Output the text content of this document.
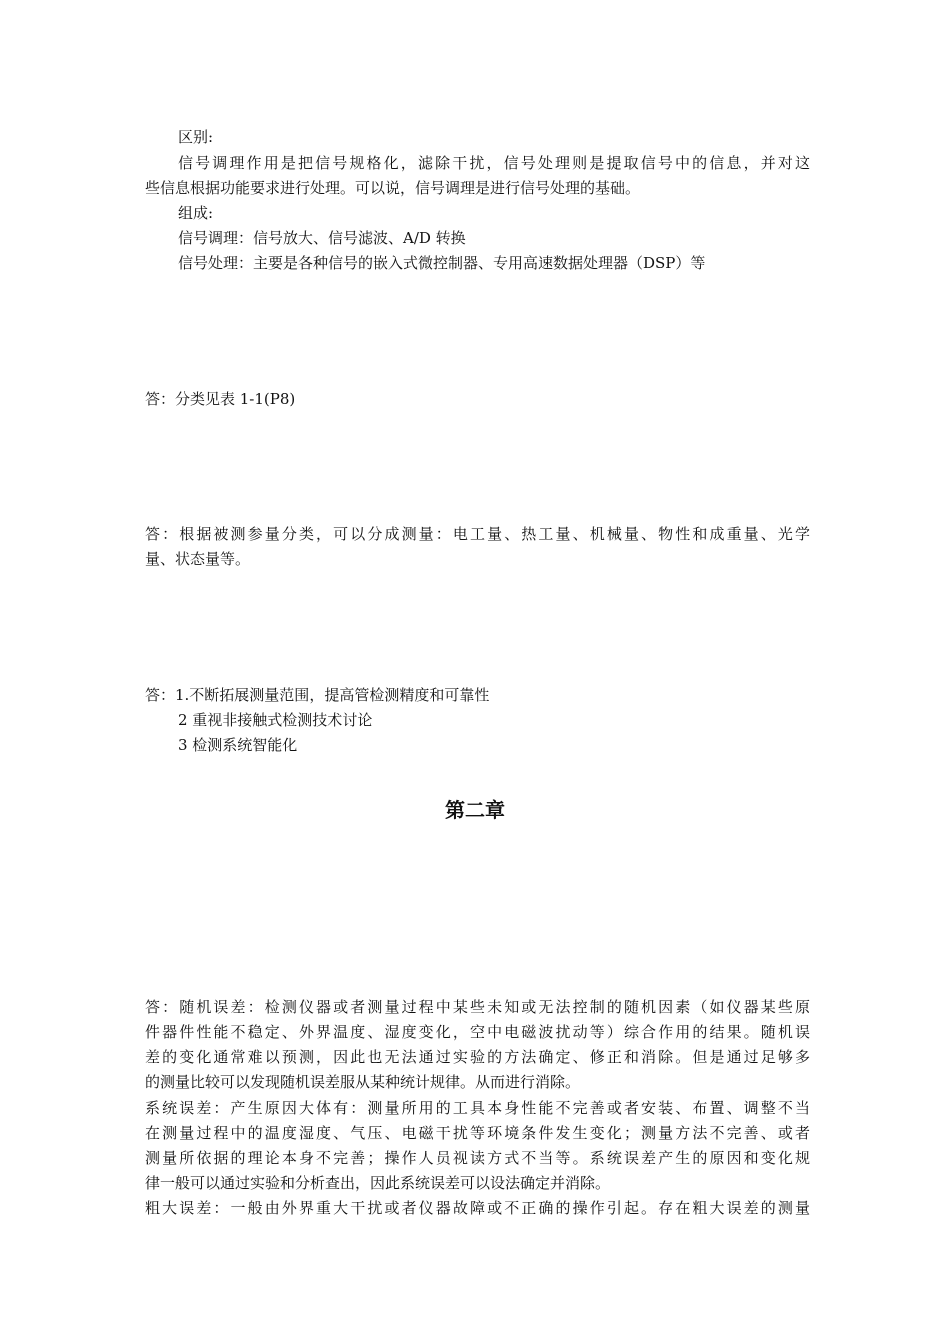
区别:
信号调理作用是把信号规格化，滤除干扰，信号处理则是提取信号中的信息，并对这
些信息根据功能要求进行处理。可以说，信号调理是进行信号处理的基础。
组成:
信号调理：信号放大、信号滤波、A/D 转换
信号处理：主要是各种信号的嵌入式微控制器、专用高速数据处理器（DSP）等
答：分类见表 1-1(P8)
答：根据被测参量分类，可以分成测量：电工量、热工量、机械量、物性和成重量、光学
量、状态量等。
答：1.不断拓展测量范围，提高管检测精度和可靠性
2 重视非接触式检测技术讨论
3 检测系统智能化
第二章
答：随机误差：检测仪器或者测量过程中某些未知或无法控制的随机因素（如仪器某些原
件器件性能不稳定、外界温度、湿度变化，空中电磁波扰动等）综合作用的结果。随机误
差的变化通常难以预测，因此也无法通过实验的方法确定、修正和消除。但是通过足够多
的测量比较可以发现随机误差服从某种统计规律。从而进行消除。
系统误差：产生原因大体有：测量所用的工具本身性能不完善或者安装、布置、调整不当
在测量过程中的温度湿度、气压、电磁干扰等环境条件发生变化；测量方法不完善、或者
测量所依据的理论本身不完善；操作人员视读方式不当等。系统误差产生的原因和变化规
律一般可以通过实验和分析查出，因此系统误差可以设法确定并消除。
粗大误差：一般由外界重大干扰或者仪器故障或不正确的操作引起。存在粗大误差的测量
